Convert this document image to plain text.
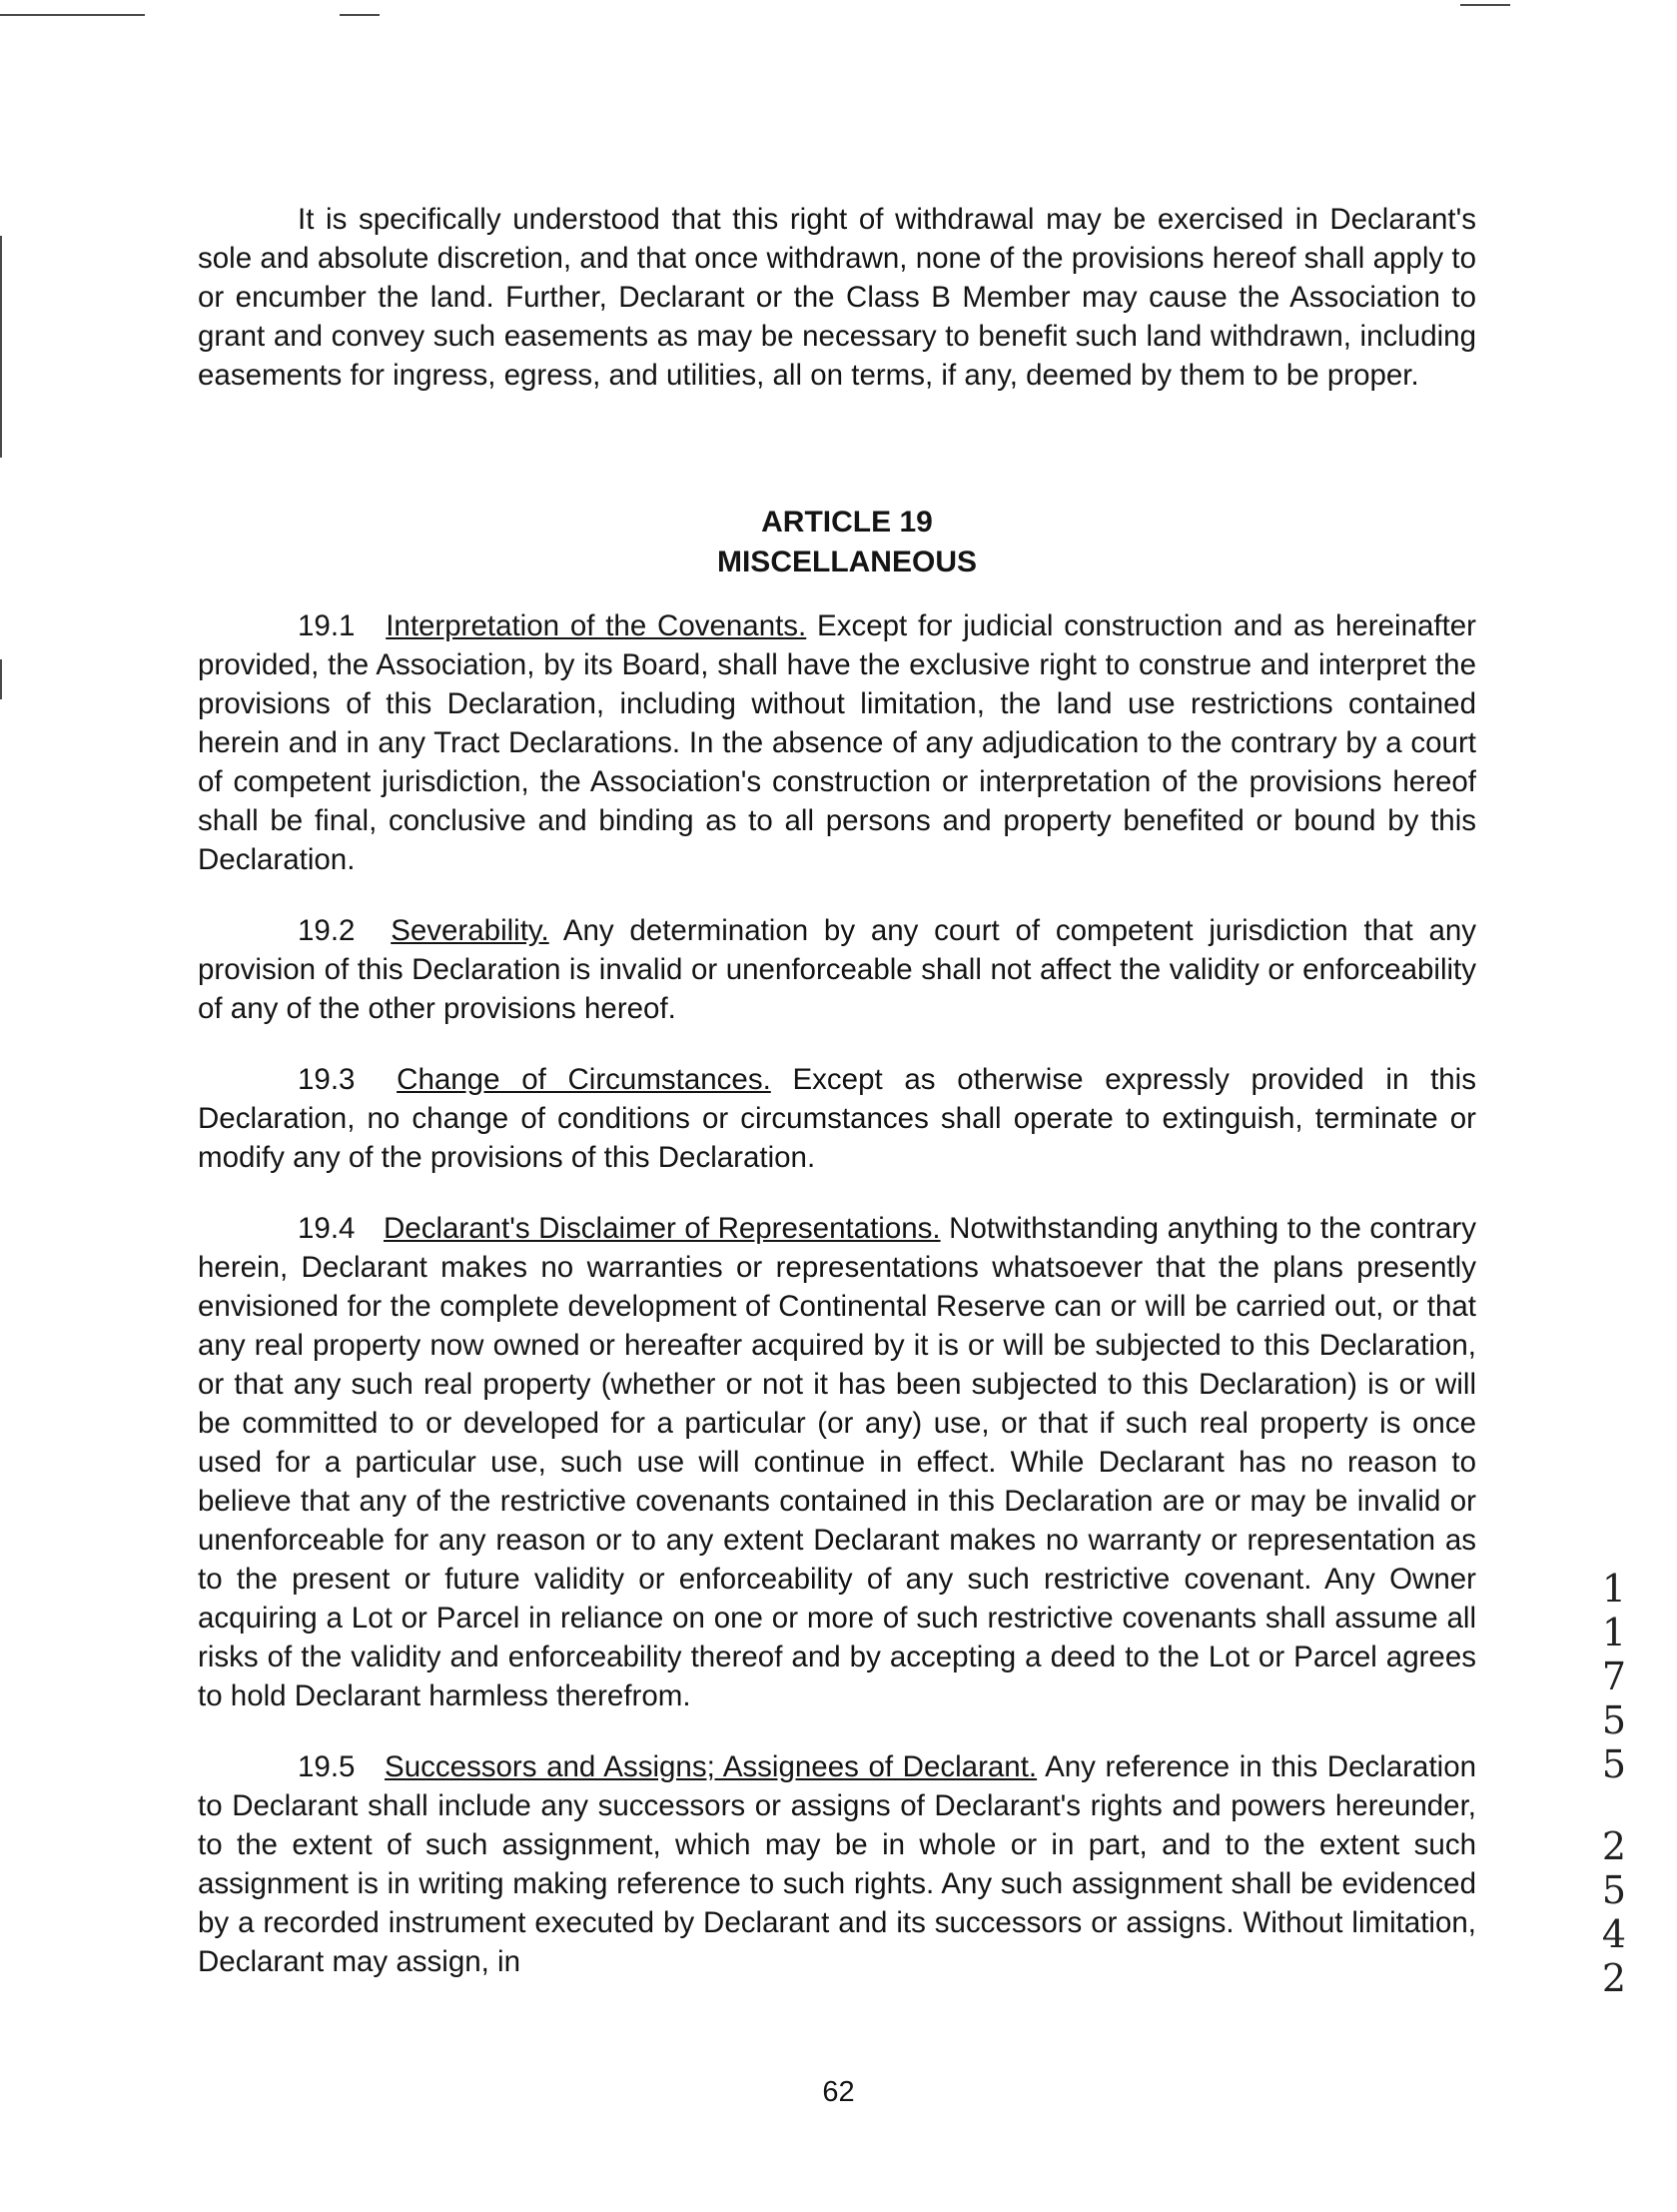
It is specifically understood that this right of withdrawal may be exercised in Declarant's sole and absolute discretion, and that once withdrawn, none of the provisions hereof shall apply to or encumber the land. Further, Declarant or the Class B Member may cause the Association to grant and convey such easements as may be necessary to benefit such land withdrawn, including easements for ingress, egress, and utilities, all on terms, if any, deemed by them to be proper.

ARTICLE 19
MISCELLANEOUS

19.1 Interpretation of the Covenants. Except for judicial construction and as hereinafter provided, the Association, by its Board, shall have the exclusive right to construe and interpret the provisions of this Declaration, including without limitation, the land use restrictions contained herein and in any Tract Declarations. In the absence of any adjudication to the contrary by a court of competent jurisdiction, the Association's construction or interpretation of the provisions hereof shall be final, conclusive and binding as to all persons and property benefited or bound by this Declaration.

19.2 Severability. Any determination by any court of competent jurisdiction that any provision of this Declaration is invalid or unenforceable shall not affect the validity or enforceability of any of the other provisions hereof.

19.3 Change of Circumstances. Except as otherwise expressly provided in this Declaration, no change of conditions or circumstances shall operate to extinguish, terminate or modify any of the provisions of this Declaration.

19.4 Declarant's Disclaimer of Representations. Notwithstanding anything to the contrary herein, Declarant makes no warranties or representations whatsoever that the plans presently envisioned for the complete development of Continental Reserve can or will be carried out, or that any real property now owned or hereafter acquired by it is or will be subjected to this Declaration, or that any such real property (whether or not it has been subjected to this Declaration) is or will be committed to or developed for a particular (or any) use, or that if such real property is once used for a particular use, such use will continue in effect. While Declarant has no reason to believe that any of the restrictive covenants contained in this Declaration are or may be invalid or unenforceable for any reason or to any extent Declarant makes no warranty or representation as to the present or future validity or enforceability of any such restrictive covenant. Any Owner acquiring a Lot or Parcel in reliance on one or more of such restrictive covenants shall assume all risks of the validity and enforceability thereof and by accepting a deed to the Lot or Parcel agrees to hold Declarant harmless therefrom.

19.5 Successors and Assigns; Assignees of Declarant. Any reference in this Declaration to Declarant shall include any successors or assigns of Declarant's rights and powers hereunder, to the extent of such assignment, which may be in whole or in part, and to the extent such assignment is in writing making reference to such rights. Any such assignment shall be evidenced by a recorded instrument executed by Declarant and its successors or assigns. Without limitation, Declarant may assign, in

1
1
7
5
5
2
5
4
2
62
